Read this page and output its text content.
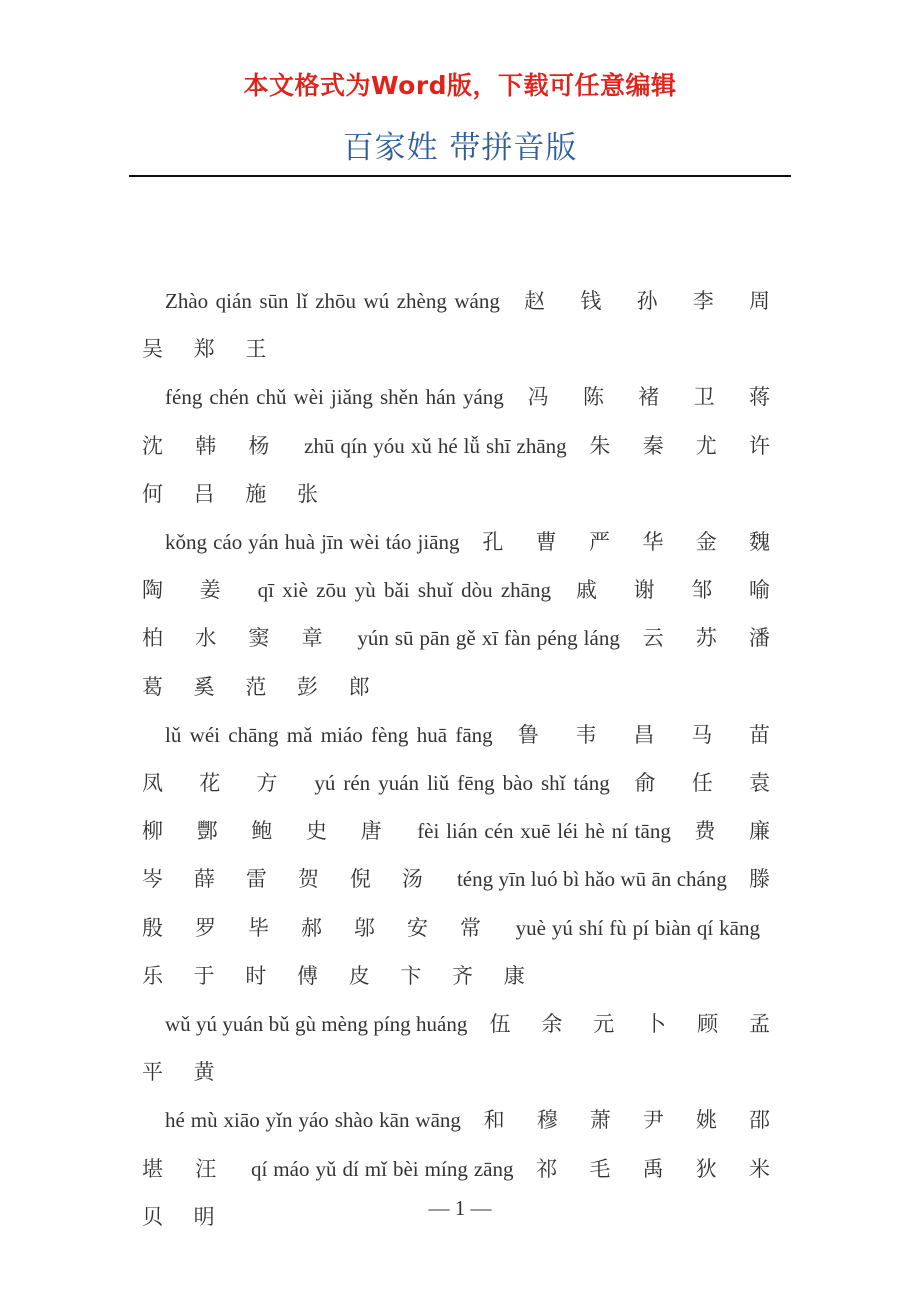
本文格式为Word版，下载可任意编辑
百家姓 带拼音版

Zhào qián sūn lǐ zhōu wú zhèng wáng 赵 钱 孙 李 周 吴 郑 王

féng chén chǔ wèi jiǎng shěn hán yáng 冯 陈 褚 卫 蒋 沈 韩 杨 zhū qín yóu xǔ hé lǚ shī zhāng 朱 秦 尤 许 何 吕 施 张

kǒng cáo yán huà jīn wèi táo jiāng 孔 曹 严 华 金 魏 陶 姜 qī xiè zōu yù bǎi shuǐ dòu zhāng 戚 谢 邹 喻 柏 水 窦 章 yún sū pān gě xī fàn péng láng 云 苏 潘 葛 奚 范 彭 郎

lǔ wéi chāng mǎ miáo fèng huā fāng 鲁 韦 昌 马 苗 凤 花 方 yú rén yuán liǔ fēng bào shǐ táng 俞 任 袁 柳 酆 鲍 史 唐 fèi lián cén xuē léi hè ní tāng 费 廉 岑 薛 雷 贺 倪 汤 téng yīn luó bì hǎo wū ān cháng 滕 殷 罗 毕 郝 邬 安 常 yuè yú shí fù pí biàn qí kāng乐 于 时 傅 皮 卞 齐 康

wǔ yú yuán bǔ gù mèng píng huáng 伍 余 元 卜 顾 孟 平 黄

hé mù xiāo yǐn yáo shào kān wāng 和 穆 萧 尹 姚 邵 堪 汪 qí máo yǔ dí mǐ bèi míng zāng 祁 毛 禹 狄 米 贝 明	— 1 —
